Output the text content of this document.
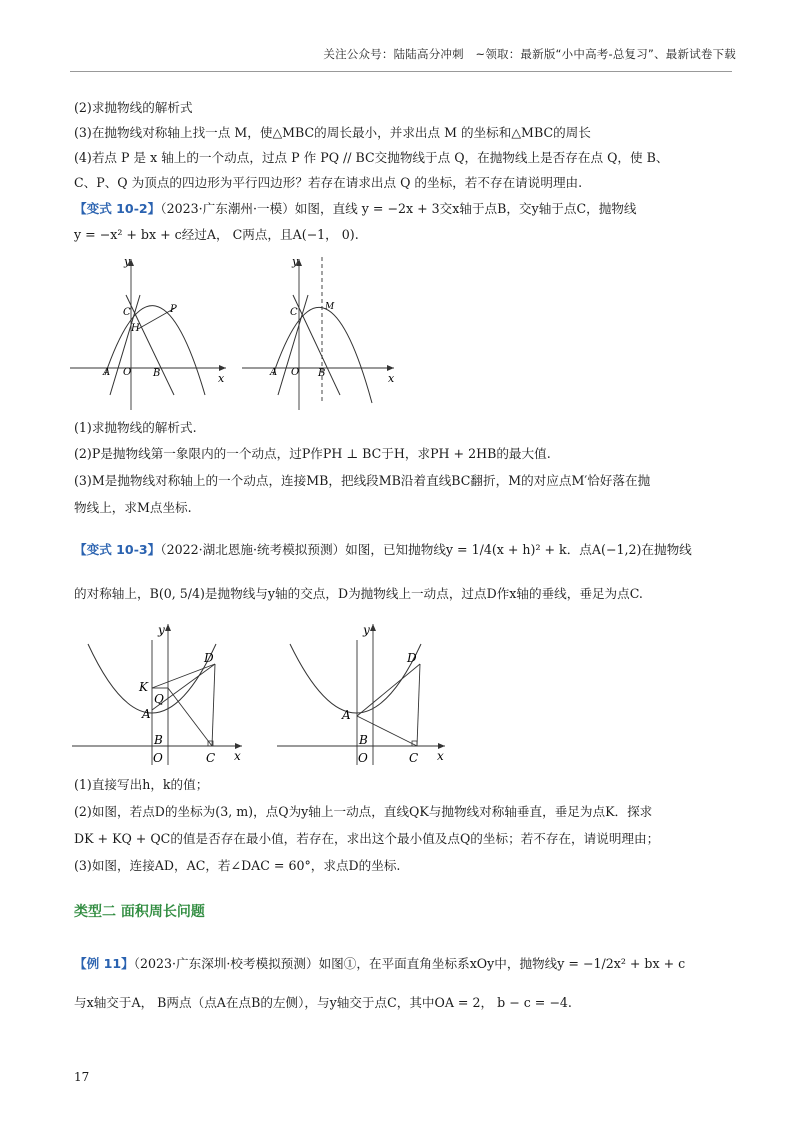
关注公众号：陆陆高分冲刺　~领取：最新版“小中高考-总复习”、最新试卷下载
(2)求抛物线的解析式
(3)在抛物线对称轴上找一点 M，使△MBC的周长最小，并求出点 M 的坐标和△MBC的周长
(4)若点 P 是 x 轴上的一个动点，过点 P 作 PQ // BC交抛物线于点 Q，在抛物线上是否存在点 Q，使 B、
C、P、Q 为顶点的四边形为平行四边形？若存在请求出点 Q 的坐标，若不存在请说明理由.
【变式 10-2】（2023·广东潮州·一模）如图，直线 y = −2x + 3交x轴于点B，交y轴于点C，抛物线
y = −x² + bx + c经过A， C两点，且A(−1， 0).
y
x
C	P
H
A O B
y
x
C	M
A O B
(1)求抛物线的解析式.
(2)P是抛物线第一象限内的一个动点，过P作PH ⊥ BC于H，求PH + 2HB的最大值.
(3)M是抛物线对称轴上的一个动点，连接MB，把线段MB沿着直线BC翻折，M的对应点M′恰好落在抛
物线上，求M点坐标.
【变式 10-3】（2022·湖北恩施·统考模拟预测）如图，已知抛物线y = 1/4(x + h)² + k．点A(−1,2)在抛物线
的对称轴上，B(0, 5/4)是抛物线与y轴的交点，D为抛物线上一动点，过点D作x轴的垂线，垂足为点C.
y
x
D
K
Q
A
B
O	C
y
x
D
A
B
O	C
(1)直接写出h，k的值；
(2)如图，若点D的坐标为(3, m)，点Q为y轴上一动点，直线QK与抛物线对称轴垂直，垂足为点K．探求
DK + KQ + QC的值是否存在最小值，若存在，求出这个最小值及点Q的坐标；若不存在，请说明理由；
(3)如图，连接AD，AC，若∠DAC = 60°，求点D的坐标.
类型二 面积周长问题
【例 11】（2023·广东深圳·校考模拟预测）如图①，在平面直角坐标系xOy中，抛物线y = −1/2x² + bx + c
与x轴交于A， B两点（点A在点B的左侧），与y轴交于点C，其中OA = 2， b − c = −4.
17
